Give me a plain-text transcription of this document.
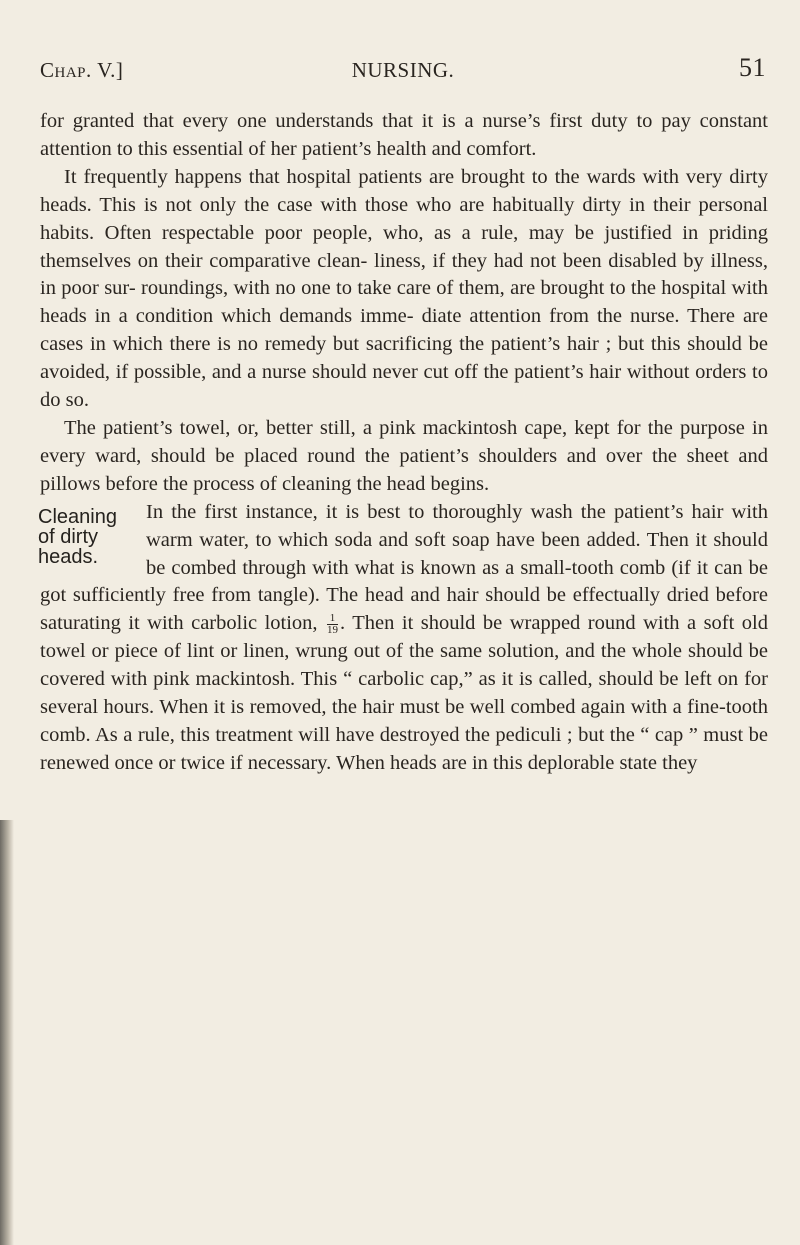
Chap. V.]	NURSING.	51

for granted that every one understands that it is a nurse’s first duty to pay constant attention to this essential of her patient’s health and comfort.

It frequently happens that hospital patients are brought to the wards with very dirty heads. This is not only the case with those who are habitually dirty in their personal habits. Often respectable poor people, who, as a rule, may be justified in priding themselves on their comparative clean- liness, if they had not been disabled by illness, in poor sur- roundings, with no one to take care of them, are brought to the hospital with heads in a condition which demands imme- diate attention from the nurse. There are cases in which there is no remedy but sacrificing the patient’s hair ; but this should be avoided, if possible, and a nurse should never cut off the patient’s hair without orders to do so.

The patient’s towel, or, better still, a pink mackintosh cape, kept for the purpose in every ward, should be placed round the patient’s shoulders and over the sheet and pillows before the process of cleaning the head begins.

Cleaning
of dirty
heads.
In the first instance, it is best to thoroughly wash the patient’s hair with warm water, to which soda and soft soap have been added. Then it should be combed through with what is known as a small-tooth comb (if it can be got sufficiently free from tangle). The head and hair should be effectually dried before saturating it with carbolic lotion, $\frac{1}{19}$ . Then it should be wrapped round with a soft old towel or piece of lint or linen, wrung out of the same solution, and the whole should be covered with pink mackintosh. This “ carbolic cap,” as it is called, should be left on for several hours. When it is removed, the hair must be well combed again with a fine-tooth comb. As a rule, this treatment will have destroyed the pediculi ; but the “ cap ” must be renewed once or twice if necessary. When heads are in this deplorable state they
